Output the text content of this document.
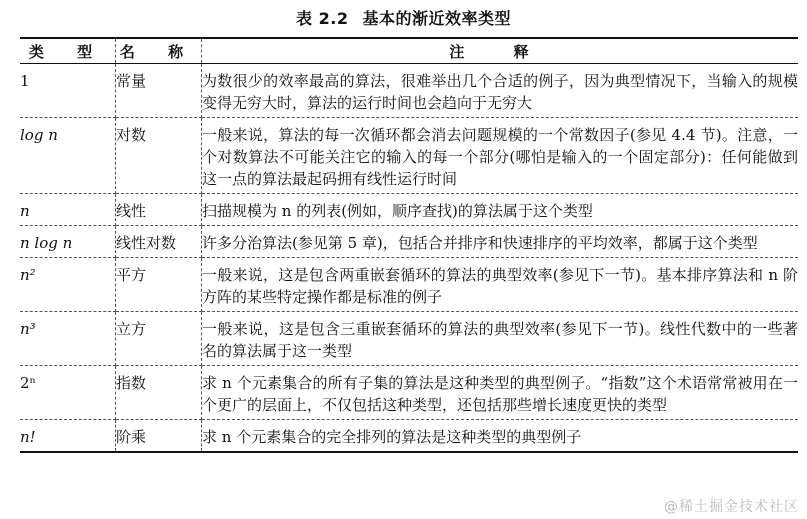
表 2.2 基本的渐近效率类型
类 型	名 称	注 释
1	常量	为数很少的效率最高的算法，很难举出几个合适的例子，因为典型情况下，当输入的规模变得无穷大时，算法的运行时间也会趋向于无穷大
log n	对数	一般来说，算法的每一次循环都会消去问题规模的一个常数因子(参见 4.4 节)。注意，一个对数算法不可能关注它的输入的每一个部分(哪怕是输入的一个固定部分)：任何能做到这一点的算法最起码拥有线性运行时间
n	线性	扫描规模为 n 的列表(例如，顺序查找)的算法属于这个类型
n log n	线性对数	许多分治算法(参见第 5 章)，包括合并排序和快速排序的平均效率，都属于这个类型
n²	平方	一般来说，这是包含两重嵌套循环的算法的典型效率(参见下一节)。基本排序算法和 n 阶方阵的某些特定操作都是标准的例子
n³	立方	一般来说，这是包含三重嵌套循环的算法的典型效率(参见下一节)。线性代数中的一些著名的算法属于这一类型
2ⁿ	指数	求 n 个元素集合的所有子集的算法是这种类型的典型例子。“指数”这个术语常常被用在一个更广的层面上，不仅包括这种类型，还包括那些增长速度更快的类型
n!	阶乘	求 n 个元素集合的完全排列的算法是这种类型的典型例子
@稀土掘金技术社区
